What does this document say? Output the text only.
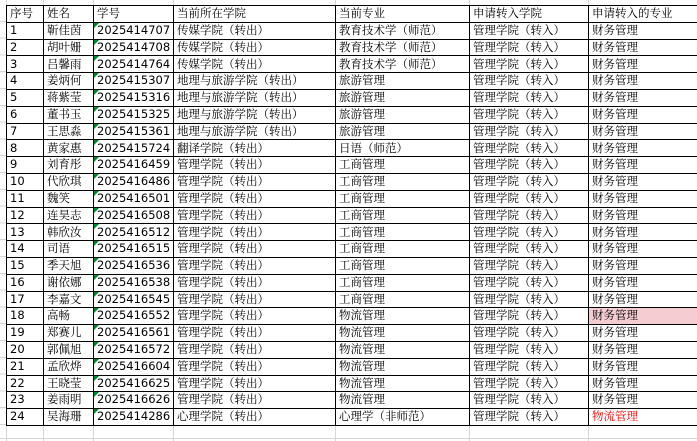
序号	姓名	学号	当前所在学院	当前专业	申请转入学院	申请转入的专业
1	靳佳茵	2025414707	传媒学院（转出）	教育技术学（师范）	管理学院（转入）	财务管理
2	胡叶姗	2025414708	传媒学院（转出）	教育技术学（师范）	管理学院（转入）	财务管理
3	吕馨雨	2025414764	传媒学院（转出）	教育技术学（师范）	管理学院（转入）	财务管理
4	姜炳何	2025415307	地理与旅游学院（转出）	旅游管理	管理学院（转入）	财务管理
5	蒋紫莹	2025415316	地理与旅游学院（转出）	旅游管理	管理学院（转入）	财务管理
6	董书玉	2025415325	地理与旅游学院（转出）	旅游管理	管理学院（转入）	财务管理
7	王思淼	2025415361	地理与旅游学院（转出）	旅游管理	管理学院（转入）	财务管理
8	黄家惠	2025415724	翻译学院（转出）	日语（师范）	管理学院（转入）	财务管理
9	刘育彤	2025416459	管理学院（转出）	工商管理	管理学院（转入）	财务管理
10	代欣琪	2025416486	管理学院（转出）	工商管理	管理学院（转入）	财务管理
11	魏笑	2025416501	管理学院（转出）	工商管理	管理学院（转入）	财务管理
12	连昊志	2025416508	管理学院（转出）	工商管理	管理学院（转入）	财务管理
13	韩欣汝	2025416512	管理学院（转出）	工商管理	管理学院（转入）	财务管理
14	司语	2025416515	管理学院（转出）	工商管理	管理学院（转入）	财务管理
15	季天旭	2025416536	管理学院（转出）	工商管理	管理学院（转入）	财务管理
16	谢依娜	2025416538	管理学院（转出）	工商管理	管理学院（转入）	财务管理
17	李嘉文	2025416545	管理学院（转出）	工商管理	管理学院（转入）	财务管理
18	高畅	2025416552	管理学院（转出）	物流管理	管理学院（转入）	财务管理
19	郑赛儿	2025416561	管理学院（转出）	物流管理	管理学院（转入）	财务管理
20	郭佩旭	2025416572	管理学院（转出）	物流管理	管理学院（转入）	财务管理
21	孟欣烨	2025416604	管理学院（转出）	物流管理	管理学院（转入）	财务管理
22	王晓莹	2025416625	管理学院（转出）	物流管理	管理学院（转入）	财务管理
23	姜雨明	2025416626	管理学院（转出）	物流管理	管理学院（转入）	财务管理
24	吴海珊	2025414286	心理学院（转出）	心理学（非师范）	管理学院（转入）	物流管理
